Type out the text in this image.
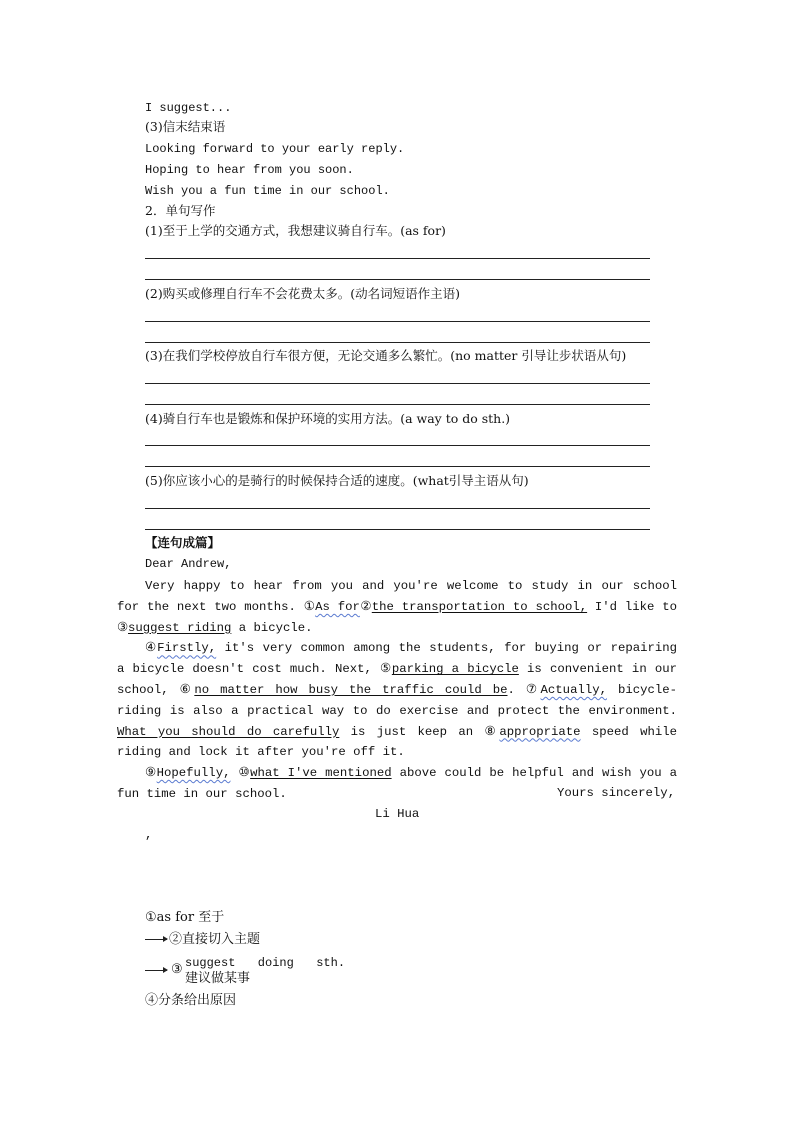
I suggest...
(3)信末结束语
Looking forward to your early reply.
Hoping to hear from you soon.
Wish you a fun time in our school.
2．单句写作
(1)至于上学的交通方式，我想建议骑自行车。(as for)
(2)购买或修理自行车不会花费太多。(动名词短语作主语)
(3)在我们学校停放自行车很方便，无论交通多么繁忙。(no matter 引导让步状语从句)
(4)骑自行车也是锻炼和保护环境的实用方法。(a way to do sth.)
(5)你应该小心的是骑行的时候保持合适的速度。(what引导主语从句)
【连句成篇】
Dear Andrew,

Very happy to hear from you and you're welcome to study in our school for the next two months. ①As for②the transportation to school, I'd like to ③suggest riding a bicycle.

④Firstly, it's very common among the students, for buying or repairing a bicycle doesn't cost much. Next, ⑤parking a bicycle is convenient in our school, ⑥no matter how busy the traffic could be. ⑦Actually, bicycle-riding is also a practical way to do exercise and protect the environment. What you should do carefully is just keep an ⑧appropriate speed while riding and lock it after you're off it.

⑨Hopefully, ⑩what I've mentioned above could be helpful and wish you a fun time in our school.	Yours sincerely,
Li Hua
,
①as for 至于
②直接切入主题
③ suggest  doing  sth.
建议做某事
④分条给出原因
